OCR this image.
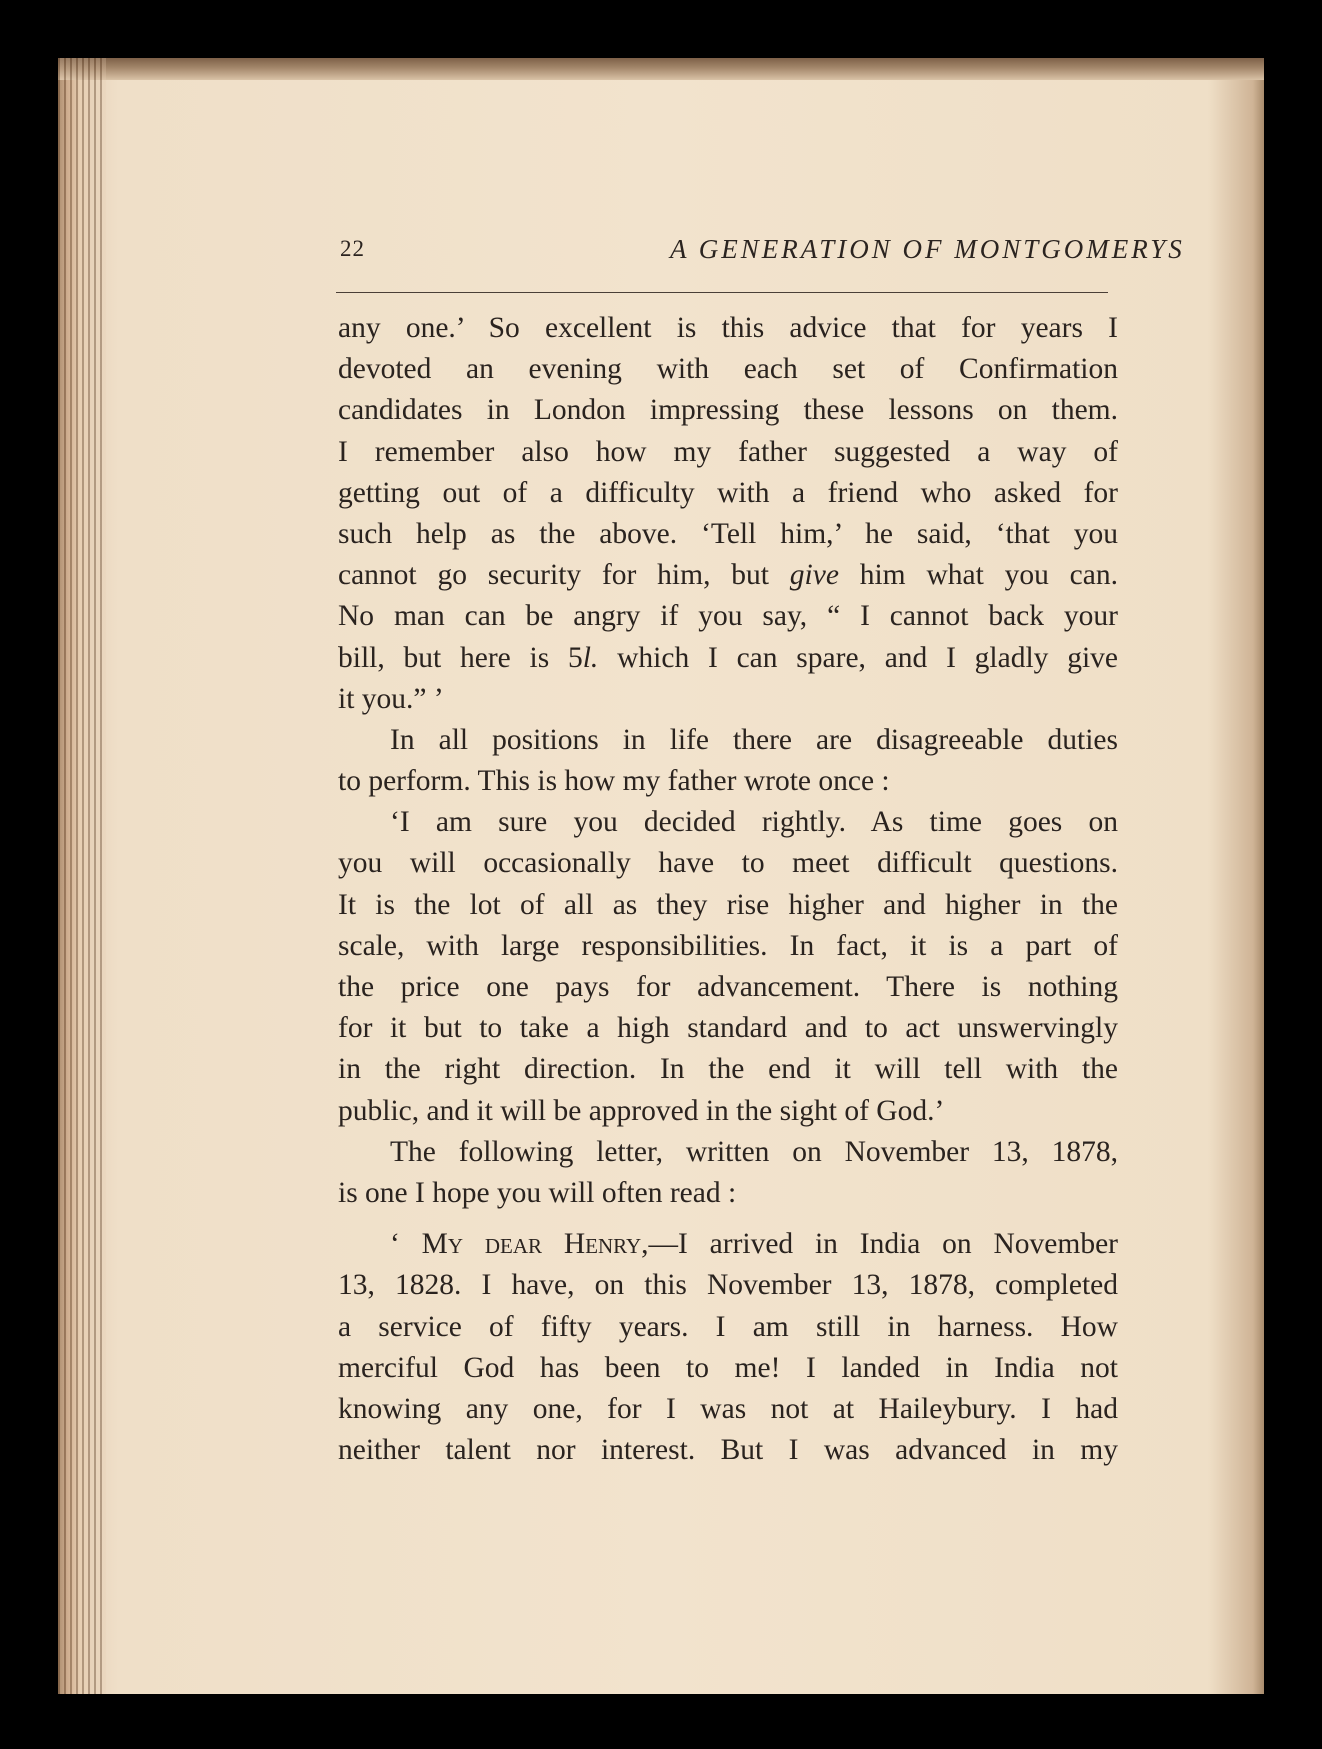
22	A GENERATION OF MONTGOMERYS
any one.’ So excellent is this advice that for years I
devoted an evening with each set of Confirmation
candidates in London impressing these lessons on them.
I remember also how my father suggested a way of
getting out of a difficulty with a friend who asked for
such help as the above. ‘Tell him,’ he said, ‘that you
cannot go security for him, but give him what you can.
No man can be angry if you say, “ I cannot back your
bill, but here is 5l. which I can spare, and I gladly give
it you.” ’
In all positions in life there are disagreeable duties
to perform. This is how my father wrote once :
‘I am sure you decided rightly. As time goes on
you will occasionally have to meet difficult questions.
It is the lot of all as they rise higher and higher in the
scale, with large responsibilities. In fact, it is a part of
the price one pays for advancement. There is nothing
for it but to take a high standard and to act unswervingly
in the right direction. In the end it will tell with the
public, and it will be approved in the sight of God.’
The following letter, written on November 13, 1878,
is one I hope you will often read :
‘ My dear Henry,—I arrived in India on November
13, 1828. I have, on this November 13, 1878, completed
a service of fifty years. I am still in harness. How
merciful God has been to me! I landed in India not
knowing any one, for I was not at Haileybury. I had
neither talent nor interest. But I was advanced in my
